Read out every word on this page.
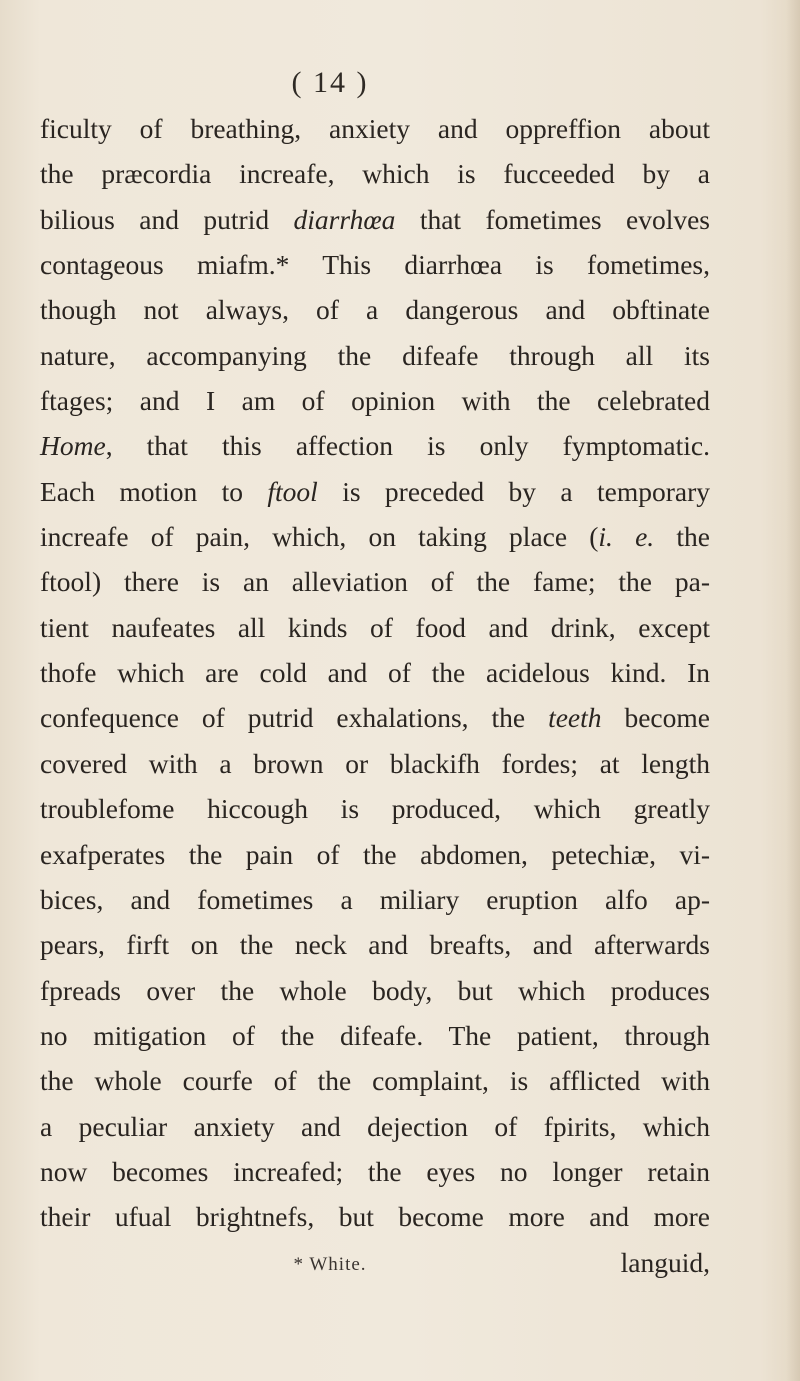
( 14 )
ficulty of breathing, anxiety and oppreffion about
the præcordia increafe, which is fucceeded by a
bilious and putrid diarrhœa that fometimes evolves
contageous miafm.* This diarrhœa is fometimes,
though not always, of a dangerous and obftinate
nature, accompanying the difeafe through all its
ftages; and I am of opinion with the celebrated
Home, that this affection is only fymptomatic.
Each motion to ftool is preceded by a temporary
increafe of pain, which, on taking place (i. e. the
ftool) there is an alleviation of the fame; the pa-
tient naufeates all kinds of food and drink, except
thofe which are cold and of the acidelous kind. In
confequence of putrid exhalations, the teeth become
covered with a brown or blackifh fordes; at length
troublefome hiccough is produced, which greatly
exafperates the pain of the abdomen, petechiæ, vi-
bices, and fometimes a miliary eruption alfo ap-
pears, firft on the neck and breafts, and afterwards
fpreads over the whole body, but which produces
no mitigation of the difeafe. The patient, through
the whole courfe of the complaint, is afflicted with
a peculiar anxiety and dejection of fpirits, which
now becomes increafed; the eyes no longer retain
their ufual brightnefs, but become more and more
languid,
* White.
